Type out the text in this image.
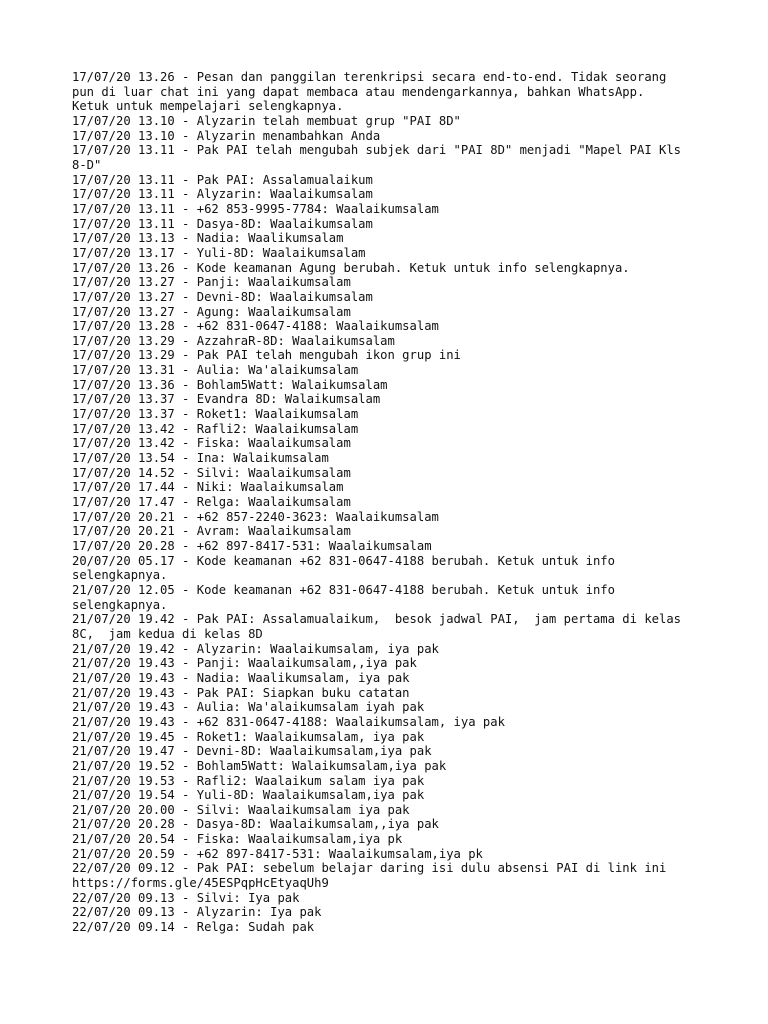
17/07/20 13.26 - Pesan dan panggilan terenkripsi secara end-to-end. Tidak seorang
pun di luar chat ini yang dapat membaca atau mendengarkannya, bahkan WhatsApp.
Ketuk untuk mempelajari selengkapnya.
17/07/20 13.10 - Alyzarin telah membuat grup "PAI 8D"
17/07/20 13.10 - Alyzarin menambahkan Anda
17/07/20 13.11 - Pak PAI telah mengubah subjek dari "PAI 8D" menjadi "Mapel PAI Kls
8-D"
17/07/20 13.11 - Pak PAI: Assalamualaikum
17/07/20 13.11 - Alyzarin: Waalaikumsalam
17/07/20 13.11 - +62 853-9995-7784: Waalaikumsalam
17/07/20 13.11 - Dasya-8D: Waalaikumsalam
17/07/20 13.13 - Nadia: Waalikumsalam
17/07/20 13.17 - Yuli-8D: Waalaikumsalam
17/07/20 13.26 - Kode keamanan Agung berubah. Ketuk untuk info selengkapnya.
17/07/20 13.27 - Panji: Waalaikumsalam
17/07/20 13.27 - Devni-8D: Waalaikumsalam
17/07/20 13.27 - Agung: Waalaikumsalam
17/07/20 13.28 - +62 831-0647-4188: Waalaikumsalam
17/07/20 13.29 - AzzahraR-8D: Waalaikumsalam
17/07/20 13.29 - Pak PAI telah mengubah ikon grup ini
17/07/20 13.31 - Aulia: Wa'alaikumsalam
17/07/20 13.36 - Bohlam5Watt: Walaikumsalam
17/07/20 13.37 - Evandra 8D: Walaikumsalam
17/07/20 13.37 - Roket1: Waalaikumsalam
17/07/20 13.42 - Rafli2: Waalaikumsalam
17/07/20 13.42 - Fiska: Waalaikumsalam
17/07/20 13.54 - Ina: Walaikumsalam
17/07/20 14.52 - Silvi: Waalaikumsalam
17/07/20 17.44 - Niki: Waalaikumsalam
17/07/20 17.47 - Relga: Waalaikumsalam
17/07/20 20.21 - +62 857-2240-3623: Waalaikumsalam
17/07/20 20.21 - Avram: Waalaikumsalam
17/07/20 20.28 - +62 897-8417-531: Waalaikumsalam
20/07/20 05.17 - Kode keamanan +62 831-0647-4188 berubah. Ketuk untuk info
selengkapnya.
21/07/20 12.05 - Kode keamanan +62 831-0647-4188 berubah. Ketuk untuk info
selengkapnya.
21/07/20 19.42 - Pak PAI: Assalamualaikum,  besok jadwal PAI,  jam pertama di kelas
8C,  jam kedua di kelas 8D
21/07/20 19.42 - Alyzarin: Waalaikumsalam, iya pak
21/07/20 19.43 - Panji: Waalaikumsalam,,iya pak
21/07/20 19.43 - Nadia: Waalikumsalam, iya pak
21/07/20 19.43 - Pak PAI: Siapkan buku catatan
21/07/20 19.43 - Aulia: Wa'alaikumsalam iyah pak
21/07/20 19.43 - +62 831-0647-4188: Waalaikumsalam, iya pak
21/07/20 19.45 - Roket1: Waalaikumsalam, iya pak
21/07/20 19.47 - Devni-8D: Waalaikumsalam,iya pak
21/07/20 19.52 - Bohlam5Watt: Walaikumsalam,iya pak
21/07/20 19.53 - Rafli2: Waalaikum salam iya pak
21/07/20 19.54 - Yuli-8D: Waalaikumsalam,iya pak
21/07/20 20.00 - Silvi: Waalaikumsalam iya pak
21/07/20 20.28 - Dasya-8D: Waalaikumsalam,,iya pak
21/07/20 20.54 - Fiska: Waalaikumsalam,iya pk
21/07/20 20.59 - +62 897-8417-531: Waalaikumsalam,iya pk
22/07/20 09.12 - Pak PAI: sebelum belajar daring isi dulu absensi PAI di link ini
https://forms.gle/45ESPqpHcEtyaqUh9
22/07/20 09.13 - Silvi: Iya pak
22/07/20 09.13 - Alyzarin: Iya pak
22/07/20 09.14 - Relga: Sudah pak
